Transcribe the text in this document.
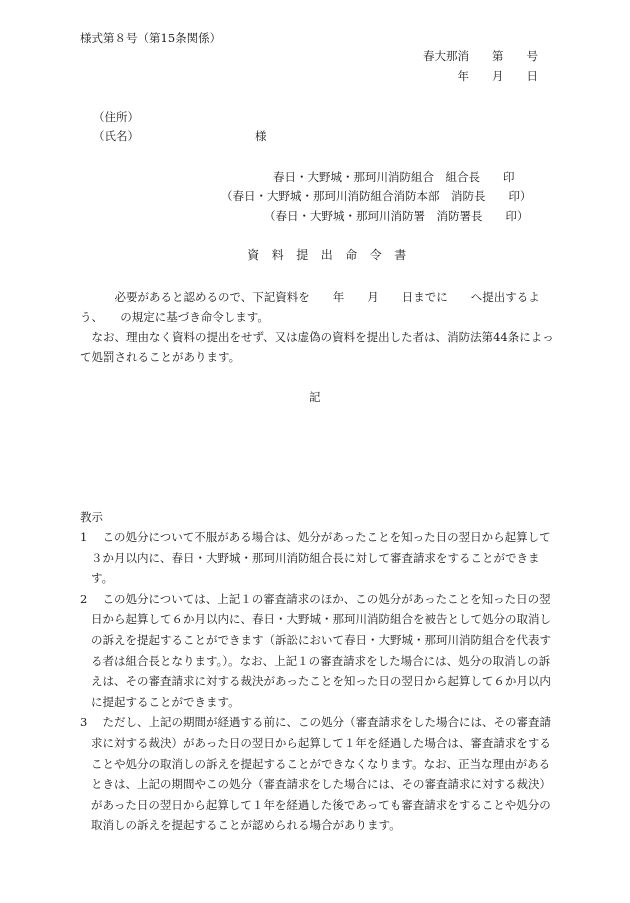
様式第８号（第15条関係）
春大那消　　第　　号
年　　月　　日
（住所）
（氏名）	様
春日・大野城・那珂川消防組合　組合長　　印
（春日・大野城・那珂川消防組合消防本部　消防長　　印）
（春日・大野城・那珂川消防署　消防署長　　印）
資 料 提 出 命 令 書

　必要があると認めるので、下記資料を　　年　　月　　日までに　　へ提出するよう、　　の規定に基づき命令します。

　なお、理由なく資料の提出をせず、又は虚偽の資料を提出した者は、消防法第44条によって処罰されることがあります。

記
教示
1 　この処分について不服がある場合は、処分があったことを知った日の翌日から起算して３か月以内に、春日・大野城・那珂川消防組合長に対して審査請求をすることができます。
2 　この処分については、上記１の審査請求のほか、この処分があったことを知った日の翌日から起算して６か月以内に、春日・大野城・那珂川消防組合を被告として処分の取消しの訴えを提起することができます（訴訟において春日・大野城・那珂川消防組合を代表する者は組合長となります。）。なお、上記１の審査請求をした場合には、処分の取消しの訴えは、その審査請求に対する裁決があったことを知った日の翌日から起算して６か月以内に提起することができます。
3 　ただし、上記の期間が経過する前に、この処分（審査請求をした場合には、その審査請求に対する裁決）があった日の翌日から起算して１年を経過した場合は、審査請求をすることや処分の取消しの訴えを提起することができなくなります。なお、正当な理由があるときは、上記の期間やこの処分（審査請求をした場合には、その審査請求に対する裁決）があった日の翌日から起算して１年を経過した後であっても審査請求をすることや処分の取消しの訴えを提起することが認められる場合があります。
